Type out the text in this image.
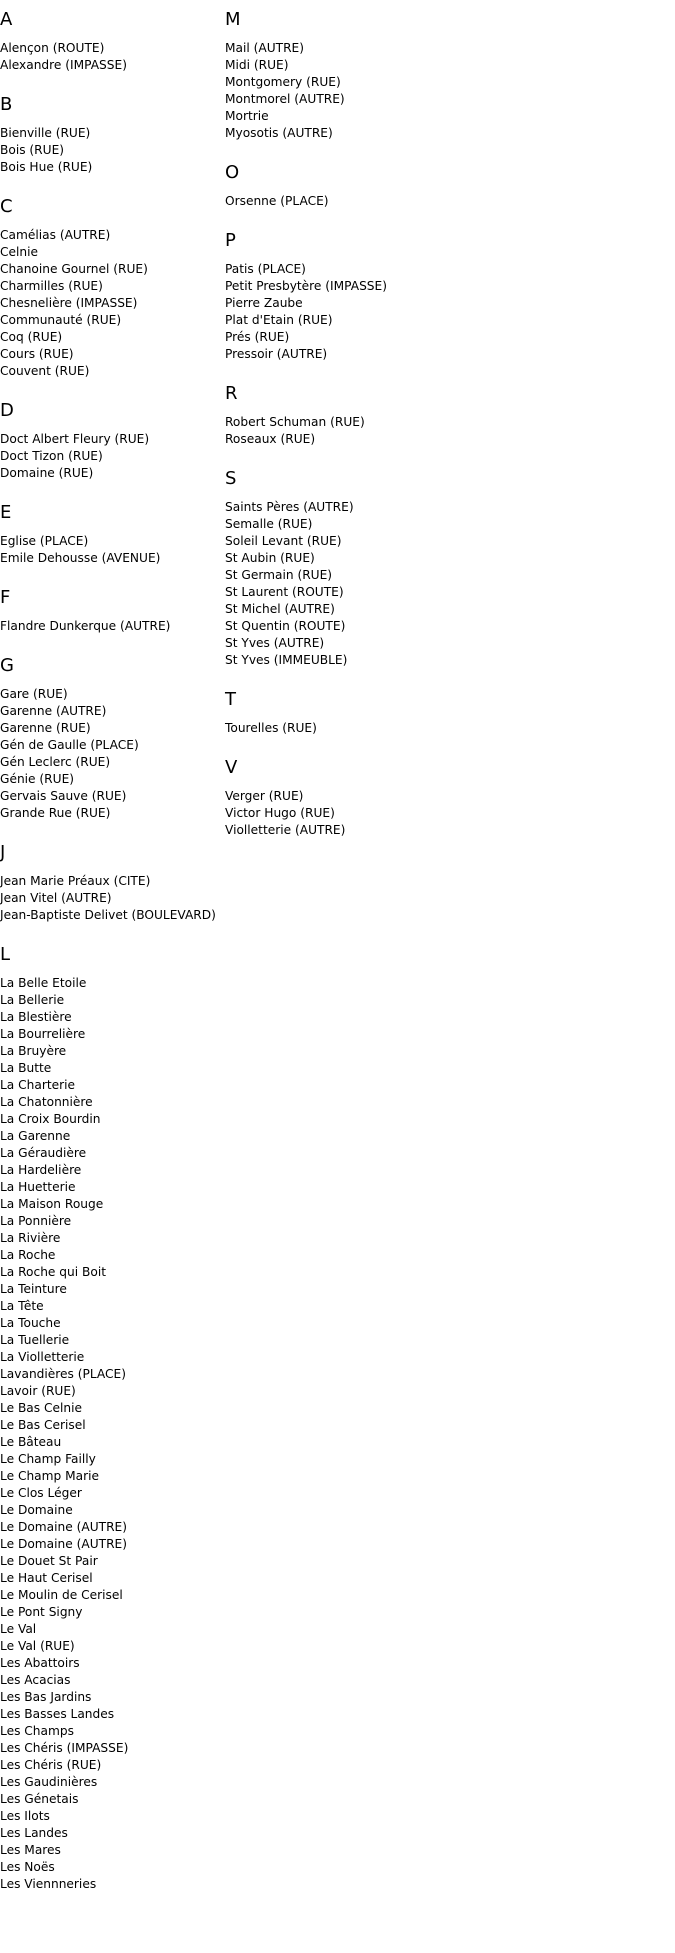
A
Alençon (ROUTE)
Alexandre (IMPASSE)
B
Bienville (RUE)
Bois (RUE)
Bois Hue (RUE)
C
Camélias (AUTRE)
Celnie
Chanoine Gournel (RUE)
Charmilles (RUE)
Chesnelière (IMPASSE)
Communauté (RUE)
Coq (RUE)
Cours (RUE)
Couvent (RUE)
D
Doct Albert Fleury (RUE)
Doct Tizon (RUE)
Domaine (RUE)
E
Eglise (PLACE)
Emile Dehousse (AVENUE)
F
Flandre Dunkerque (AUTRE)
G
Gare (RUE)
Garenne (AUTRE)
Garenne (RUE)
Gén de Gaulle (PLACE)
Gén Leclerc (RUE)
Génie (RUE)
Gervais Sauve (RUE)
Grande Rue (RUE)
J
Jean Marie Préaux (CITE)
Jean Vitel (AUTRE)
Jean-Baptiste Delivet (BOULEVARD)
L
La Belle Etoile
La Bellerie
La Blestière
La Bourrelière
La Bruyère
La Butte
La Charterie
La Chatonnière
La Croix Bourdin
La Garenne
La Géraudière
La Hardelière
La Huetterie
La Maison Rouge
La Ponnière
La Rivière
La Roche
La Roche qui Boit
La Teinture
La Tête
La Touche
La Tuellerie
La Violletterie
Lavandières (PLACE)
Lavoir (RUE)
Le Bas Celnie
Le Bas Cerisel
Le Bâteau
Le Champ Failly
Le Champ Marie
Le Clos Léger
Le Domaine
Le Domaine (AUTRE)
Le Domaine (AUTRE)
Le Douet St Pair
Le Haut Cerisel
Le Moulin de Cerisel
Le Pont Signy
Le Val
Le Val (RUE)
Les Abattoirs
Les Acacias
Les Bas Jardins
Les Basses Landes
Les Champs
Les Chéris (IMPASSE)
Les Chéris (RUE)
Les Gaudinières
Les Génetais
Les Ilots
Les Landes
Les Mares
Les Noës
Les Viennneries
M
Mail (AUTRE)
Midi (RUE)
Montgomery (RUE)
Montmorel (AUTRE)
Mortrie
Myosotis (AUTRE)
O
Orsenne (PLACE)
P
Patis (PLACE)
Petit Presbytère (IMPASSE)
Pierre Zaube
Plat d'Etain (RUE)
Prés (RUE)
Pressoir (AUTRE)
R
Robert Schuman (RUE)
Roseaux (RUE)
S
Saints Pères (AUTRE)
Semalle (RUE)
Soleil Levant (RUE)
St Aubin (RUE)
St Germain (RUE)
St Laurent (ROUTE)
St Michel (AUTRE)
St Quentin (ROUTE)
St Yves (AUTRE)
St Yves (IMMEUBLE)
T
Tourelles (RUE)
V
Verger (RUE)
Victor Hugo (RUE)
Violletterie (AUTRE)
